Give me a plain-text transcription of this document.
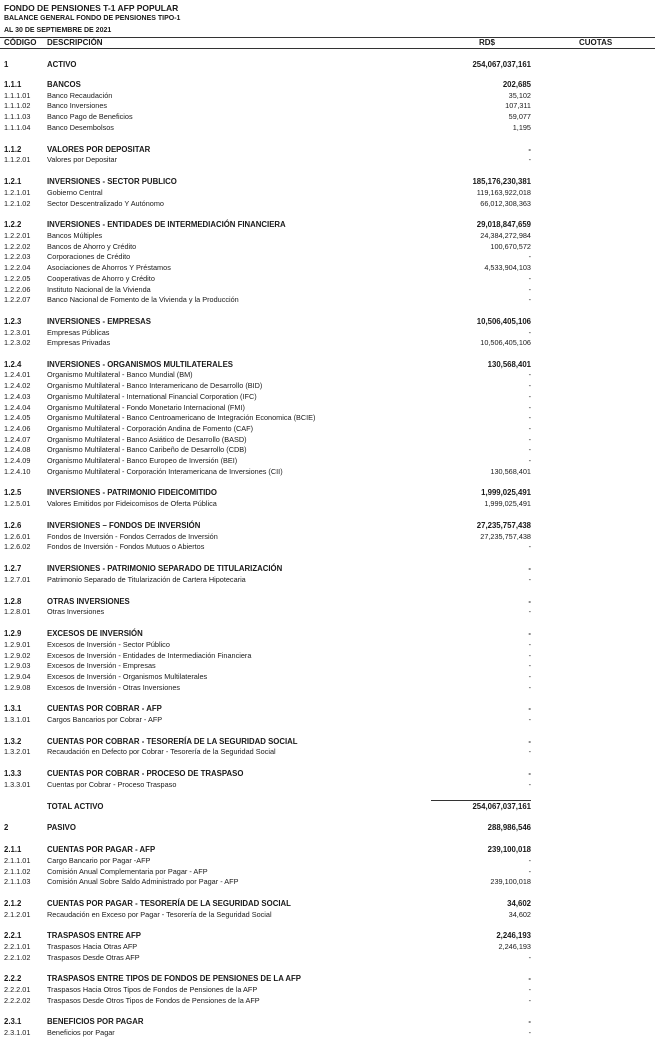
FONDO DE PENSIONES T-1 AFP POPULAR
BALANCE GENERAL FONDO DE PENSIONES TIPO-1
AL 30 DE SEPTIEMBRE DE 2021
CÓDIGO DESCRIPCIÓN	RD$	CUOTAS
1	ACTIVO	254,067,037,161
1.1.1	BANCOS	202,685
1.1.1.01 Banco Recaudación	35,102
1.1.1.02 Banco Inversiones	107,311
1.1.1.03 Banco Pago de Beneficios	59,077
1.1.1.04 Banco Desembolsos	1,195
1.1.2	VALORES POR DEPOSITAR	-
1.1.2.01 Valores por Depositar	-
1.2.1	INVERSIONES - SECTOR PUBLICO	185,176,230,381
1.2.1.01 Gobierno Central	119,163,922,018
1.2.1.02 Sector Descentralizado Y Autónomo	66,012,308,363
1.2.2	INVERSIONES - ENTIDADES DE INTERMEDIACIÓN FINANCIERA	29,018,847,659
1.2.2.01 Bancos Múltiples	24,384,272,984
1.2.2.02 Bancos de Ahorro y Crédito	100,670,572
1.2.2.03 Corporaciones de Crédito	-
1.2.2.04 Asociaciones de Ahorros Y Préstamos	4,533,904,103
1.2.2.05 Cooperativas de Ahorro y Crédito	-
1.2.2.06 Instituto Nacional de la Vivienda	-
1.2.2.07 Banco Nacional de Fomento de la Vivienda y la Producción	-
1.2.3	INVERSIONES - EMPRESAS	10,506,405,106
1.2.3.01 Empresas Públicas	-
1.2.3.02 Empresas Privadas	10,506,405,106
1.2.4	INVERSIONES - ORGANISMOS MULTILATERALES	130,568,401
1.2.4.01 Organismo Multilateral - Banco Mundial (BM)	-
1.2.4.02 Organismo Multilateral - Banco Interamericano de Desarrollo (BID)	-
1.2.4.03 Organismo Multilateral - International Financial Corporation (IFC)	-
1.2.4.04 Organismo Multilateral - Fondo Monetario Internacional (FMI)	-
1.2.4.05 Organismo Multilateral - Banco Centroamericano de Integración Economica (BCIE)	-
1.2.4.06 Organismo Multilateral - Corporación Andina de Fomento (CAF)	-
1.2.4.07 Organismo Multilateral - Banco Asiático de Desarrollo (BASD)	-
1.2.4.08 Organismo Multilateral - Banco Caribeño de Desarrollo (CDB)	-
1.2.4.09 Organismo Multilateral - Banco Europeo de Inversión (BEI)	-
1.2.4.10 Organismo Multilateral - Corporación Interamericana de Inversiones (CII)	130,568,401
1.2.5	INVERSIONES - PATRIMONIO FIDEICOMITIDO	1,999,025,491
1.2.5.01 Valores Emitidos por Fideicomisos de Oferta Pública	1,999,025,491
1.2.6	INVERSIONES – FONDOS DE INVERSIÓN	27,235,757,438
1.2.6.01 Fondos de Inversión - Fondos Cerrados de Inversión	27,235,757,438
1.2.6.02 Fondos de Inversión - Fondos Mutuos o Abiertos	-
1.2.7	INVERSIONES - PATRIMONIO SEPARADO DE TITULARIZACIÓN	-
1.2.7.01 Patrimonio Separado de Titularización de Cartera Hipotecaria	-
1.2.8	OTRAS INVERSIONES	-
1.2.8.01 Otras Inversiones	-
1.2.9	EXCESOS DE INVERSIÓN	-
1.2.9.01 Excesos de Inversión - Sector Público	-
1.2.9.02 Excesos de Inversión - Entidades de Intermediación Financiera	-
1.2.9.03 Excesos de Inversión - Empresas	-
1.2.9.04 Excesos de Inversión - Organismos Multilaterales	-
1.2.9.08 Excesos de Inversión - Otras Inversiones	-
1.3.1	CUENTAS POR COBRAR - AFP	-
1.3.1.01 Cargos Bancarios por Cobrar - AFP	-
1.3.2	CUENTAS POR COBRAR - TESORERÍA DE LA SEGURIDAD SOCIAL	-
1.3.2.01 Recaudación en Defecto por Cobrar - Tesorería de la Seguridad Social	-
1.3.3	CUENTAS POR COBRAR - PROCESO DE TRASPASO	-
1.3.3.01 Cuentas por Cobrar - Proceso Traspaso	-
TOTAL ACTIVO	254,067,037,161
2	PASIVO	288,986,546
2.1.1	CUENTAS POR PAGAR - AFP	239,100,018
2.1.1.01 Cargo Bancario por Pagar -AFP	-
2.1.1.02 Comisión Anual Complementaria por Pagar - AFP	-
2.1.1.03 Comisión Anual Sobre Saldo Administrado por Pagar - AFP	239,100,018
2.1.2	CUENTAS POR PAGAR - TESORERÍA DE LA SEGURIDAD SOCIAL	34,602
2.1.2.01 Recaudación en Exceso por Pagar - Tesorería de la Seguridad Social	34,602
2.2.1	TRASPASOS ENTRE AFP	2,246,193
2.2.1.01 Traspasos Hacia Otras AFP	2,246,193
2.2.1.02 Traspasos Desde Otras AFP	-
2.2.2	TRASPASOS ENTRE TIPOS DE FONDOS DE PENSIONES DE LA AFP	-
2.2.2.01 Traspasos Hacia Otros Tipos de Fondos de Pensiones de la AFP	-
2.2.2.02 Traspasos Desde Otros Tipos de Fondos de Pensiones de la AFP	-
2.3.1	BENEFICIOS POR PAGAR	-
2.3.1.01 Beneficios por Pagar	-
